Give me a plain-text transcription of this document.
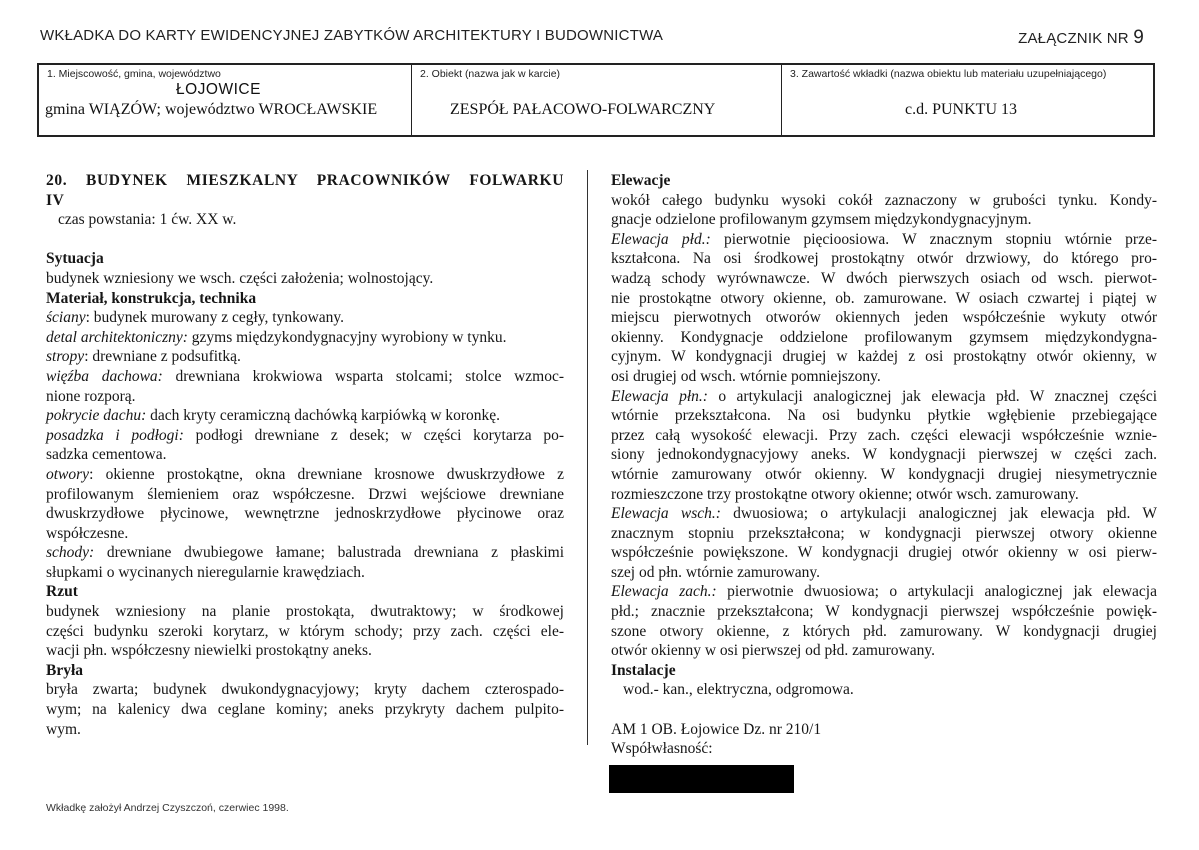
WKŁADKA DO KARTY EWIDENCYJNEJ ZABYTKÓW ARCHITEKTURY I BUDOWNICTWA	ZAŁĄCZNIK NR 9
1. Miejscowość, gmina, województwo
ŁOJOWICE
gmina WIĄZÓW; województwo WROCŁAWSKIE
2. Obiekt (nazwa jak w karcie)
ZESPÓŁ PAŁACOWO-FOLWARCZNY
3. Zawartość wkładki (nazwa obiektu lub materiału uzupełniającego)
c.d. PUNKTU 13

20. BUDYNEK MIESZKALNY PRACOWNIKÓW FOLWARKU

IV

czas powstania: 1 ćw. XX w.

Sytuacja

budynek wzniesiony we wsch. części założenia; wolnostojący.

Materiał, konstrukcja, technika

ściany: budynek murowany z cegły, tynkowany.

detal architektoniczny: gzyms międzykondygnacyjny wyrobiony w tynku.

stropy: drewniane z podsufitką.

więźba dachowa: drewniana krokwiowa wsparta stolcami; stolce wzmoc-

nione rozporą.

pokrycie dachu: dach kryty ceramiczną dachówką karpiówką w koronkę.

posadzka i podłogi: podłogi drewniane z desek; w części korytarza po-

sadzka cementowa.

otwory: okienne prostokątne, okna drewniane krosnowe dwuskrzydłowe z

profilowanym ślemieniem oraz współczesne. Drzwi wejściowe drewniane

dwuskrzydłowe płycinowe, wewnętrzne jednoskrzydłowe płycinowe oraz

współczesne.

schody: drewniane dwubiegowe łamane; balustrada drewniana z płaskimi

słupkami o wycinanych nieregularnie krawędziach.

Rzut

budynek wzniesiony na planie prostokąta, dwutraktowy; w środkowej

części budynku szeroki korytarz, w którym schody; przy zach. części ele-

wacji płn. współczesny niewielki prostokątny aneks.

Bryła

bryła zwarta; budynek dwukondygnacyjowy; kryty dachem czterospado-

wym; na kalenicy dwa ceglane kominy; aneks przykryty dachem pulpito-

wym.

Elewacje

wokół całego budynku wysoki cokół zaznaczony w grubości tynku. Kondy-

gnacje odzielone profilowanym gzymsem międzykondygnacyjnym.

Elewacja płd.: pierwotnie pięcioosiowa. W znacznym stopniu wtórnie prze-

kształcona. Na osi środkowej prostokątny otwór drzwiowy, do którego pro-

wadzą schody wyrównawcze. W dwóch pierwszych osiach od wsch. pierwot-

nie prostokątne otwory okienne, ob. zamurowane. W osiach czwartej i piątej w

miejscu pierwotnych otworów okiennych jeden współcześnie wykuty otwór

okienny. Kondygnacje oddzielone profilowanym gzymsem międzykondygna-

cyjnym. W kondygnacji drugiej w każdej z osi prostokątny otwór okienny, w

osi drugiej od wsch. wtórnie pomniejszony.

Elewacja płn.: o artykulacji analogicznej jak elewacja płd. W znacznej części

wtórnie przekształcona. Na osi budynku płytkie wgłębienie przebiegające

przez całą wysokość elewacji. Przy zach. części elewacji współcześnie wznie-

siony jednokondygnacyjowy aneks. W kondygnacji pierwszej w części zach.

wtórnie zamurowany otwór okienny. W kondygnacji drugiej niesymetrycznie

rozmieszczone trzy prostokątne otwory okienne; otwór wsch. zamurowany.

Elewacja wsch.: dwuosiowa; o artykulacji analogicznej jak elewacja płd. W

znacznym stopniu przekształcona; w kondygnacji pierwszej otwory okienne

współcześnie powiększone. W kondygnacji drugiej otwór okienny w osi pierw-

szej od płn. wtórnie zamurowany.

Elewacja zach.: pierwotnie dwuosiowa; o artykulacji analogicznej jak elewacja

płd.; znacznie przekształcona; W kondygnacji pierwszej współcześnie powięk-

szone otwory okienne, z których płd. zamurowany. W kondygnacji drugiej

otwór okienny w osi pierwszej od płd. zamurowany.

Instalacje

wod.- kan., elektryczna, odgromowa.

AM 1 OB. Łojowice Dz. nr 210/1

Współwłasność:

Wkładkę założył Andrzej Czyszczoń, czerwiec 1998.
